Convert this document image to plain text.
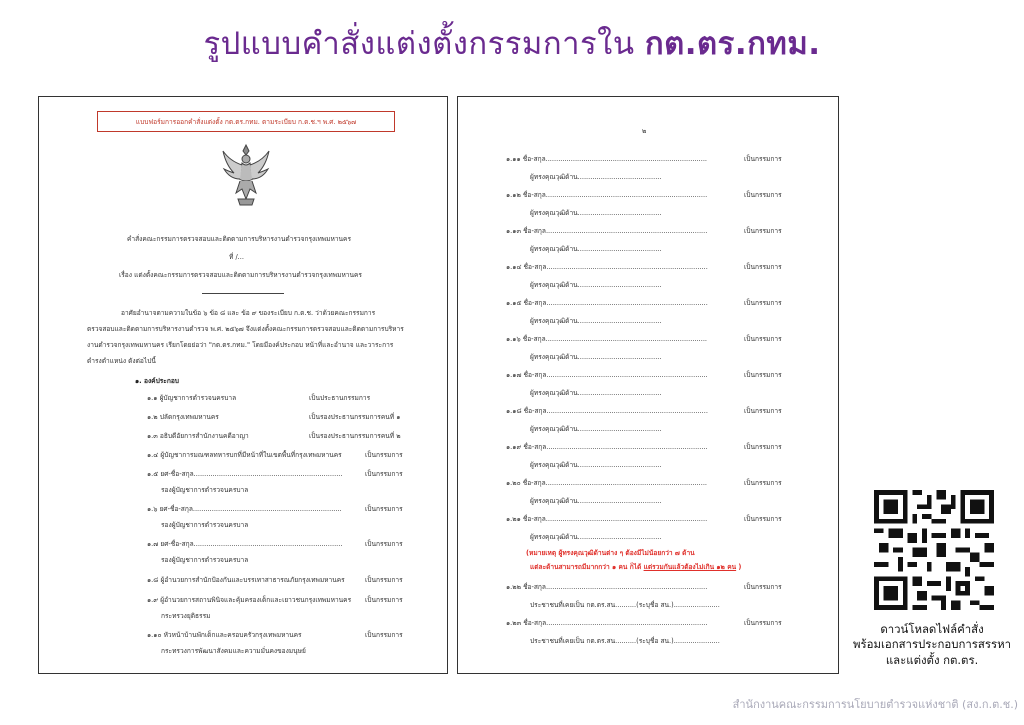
รูปแบบคำสั่งแต่งตั้งกรรมการใน กต.ตร.กทม.
แบบฟอร์มการออกคำสั่งแต่งตั้ง กต.ตร.กทม. ตามระเบียบ ก.ต.ช.ฯ พ.ศ. ๒๕๖๗
คำสั่งคณะกรรมการตรวจสอบและติดตามการบริหารงานตำรวจกรุงเทพมหานคร
ที่ /...
เรื่อง แต่งตั้งคณะกรรมการตรวจสอบและติดตามการบริหารงานตำรวจกรุงเทพมหานคร
อาศัยอำนาจตามความในข้อ ๖ ข้อ ๘ และ ข้อ ๙ ของระเบียบ ก.ต.ช. ว่าด้วยคณะกรรมการ
ตรวจสอบและติดตามการบริหารงานตำรวจ พ.ศ. ๒๕๖๗ จึงแต่งตั้งคณะกรรมการตรวจสอบและติดตามการบริหาร
งานตำรวจกรุงเทพมหานคร เรียกโดยย่อว่า "กต.ตร.กทม." โดยมีองค์ประกอบ หน้าที่และอำนาจ และวาระการ
ดำรงตำแหน่ง ดังต่อไปนี้
๑. องค์ประกอบ
๑.๑ ผู้บัญชาการตำรวจนครบาล	เป็นประธานกรรมการ
๑.๒ ปลัดกรุงเทพมหานคร	เป็นรองประธานกรรมการคนที่ ๑
๑.๓ อธิบดีอัยการสำนักงานคดีอาญา	เป็นรองประธานกรรมการคนที่ ๒
๑.๔ ผู้บัญชาการมณฑลทหารบกที่มีหน้าที่ในเขตพื้นที่กรุงเทพมหานคร	เป็นกรรมการ
๑.๕ ยศ-ชื่อ-สกุล.......................................................................	เป็นกรรมการ
รองผู้บัญชาการตำรวจนครบาล
๑.๖ ยศ-ชื่อ-สกุล.......................................................................	เป็นกรรมการ
รองผู้บัญชาการตำรวจนครบาล
๑.๗ ยศ-ชื่อ-สกุล.......................................................................	เป็นกรรมการ
รองผู้บัญชาการตำรวจนครบาล
๑.๘ ผู้อำนวยการสำนักป้องกันและบรรเทาสาธารณภัยกรุงเทพมหานคร	เป็นกรรมการ
๑.๙ ผู้อำนวยการสถานพินิจและคุ้มครองเด็กและเยาวชนกรุงเทพมหานคร เป็นกรรมการ
กระทรวงยุติธรรม
๑.๑๐ หัวหน้าบ้านพักเด็กและครอบครัวกรุงเทพมหานคร	เป็นกรรมการ
กระทรวงการพัฒนาสังคมและความมั่นคงของมนุษย์
๒
๑.๑๑ ชื่อ-สกุล.............................................................................	เป็นกรรมการ
ผู้ทรงคุณวุฒิด้าน........................................
๑.๑๒ ชื่อ-สกุล.............................................................................	เป็นกรรมการ
ผู้ทรงคุณวุฒิด้าน........................................
๑.๑๓ ชื่อ-สกุล.............................................................................	เป็นกรรมการ
ผู้ทรงคุณวุฒิด้าน........................................
๑.๑๔ ชื่อ-สกุล.............................................................................	เป็นกรรมการ
ผู้ทรงคุณวุฒิด้าน........................................
๑.๑๕ ชื่อ-สกุล.............................................................................	เป็นกรรมการ
ผู้ทรงคุณวุฒิด้าน........................................
๑.๑๖ ชื่อ-สกุล.............................................................................	เป็นกรรมการ
ผู้ทรงคุณวุฒิด้าน........................................
๑.๑๗ ชื่อ-สกุล.............................................................................	เป็นกรรมการ
ผู้ทรงคุณวุฒิด้าน........................................
๑.๑๘ ชื่อ-สกุล.............................................................................	เป็นกรรมการ
ผู้ทรงคุณวุฒิด้าน........................................
๑.๑๙ ชื่อ-สกุล.............................................................................	เป็นกรรมการ
ผู้ทรงคุณวุฒิด้าน........................................
๑.๒๐ ชื่อ-สกุล.............................................................................	เป็นกรรมการ
ผู้ทรงคุณวุฒิด้าน........................................
๑.๒๑ ชื่อ-สกุล.............................................................................	เป็นกรรมการ
ผู้ทรงคุณวุฒิด้าน........................................
(หมายเหตุ ผู้ทรงคุณวุฒิด้านต่าง ๆ ต้องมีไม่น้อยกว่า ๗ ด้าน
แต่ละด้านสามารถมีมากกว่า ๑ คน ก็ได้ แต่รวมกันแล้วต้องไม่เกิน ๑๒ คน )
๑.๒๒ ชื่อ-สกุล.............................................................................	เป็นกรรมการ
ประชาชนที่เคยเป็น กต.ตร.สน..........(ระบุชื่อ สน.)......................
๑.๒๓ ชื่อ-สกุล.............................................................................	เป็นกรรมการ
ประชาชนที่เคยเป็น กต.ตร.สน..........(ระบุชื่อ สน.)......................
ดาวน์โหลดไฟล์คำสั่ง
พร้อมเอกสารประกอบการสรรหา
และแต่งตั้ง กต.ตร.
สำนักงานคณะกรรมการนโยบายตำรวจแห่งชาติ (สง.ก.ต.ช.)
